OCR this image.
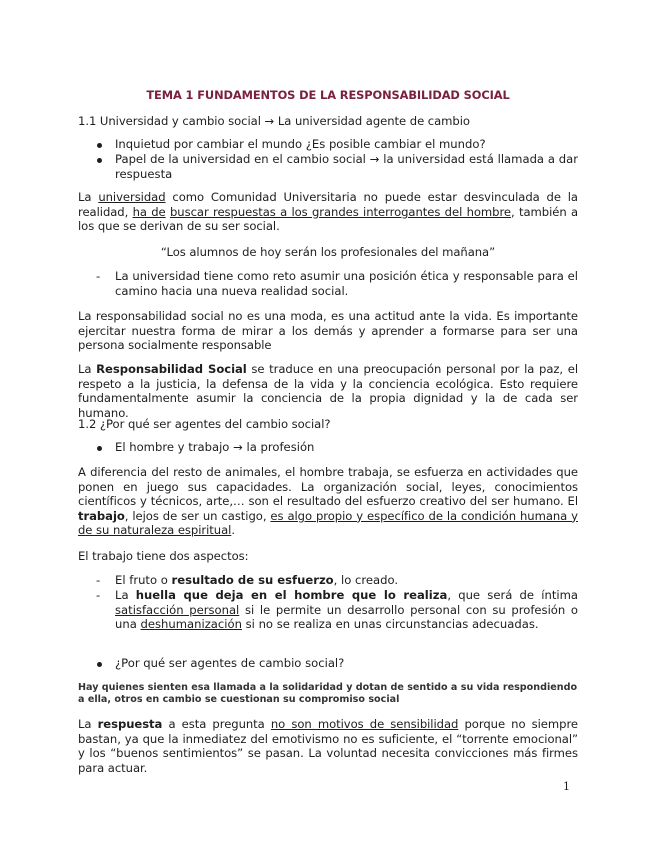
TEMA 1 FUNDAMENTOS DE LA RESPONSABILIDAD SOCIAL
1.1 Universidad y cambio social → La universidad agente de cambio
Inquietud por cambiar el mundo ¿Es posible cambiar el mundo?
Papel de la universidad en el cambio social → la universidad está llamada a dar respuesta
La universidad como Comunidad Universitaria no puede estar desvinculada de la realidad, ha de buscar respuestas a los grandes interrogantes del hombre, también a los que se derivan de su ser social.
“Los alumnos de hoy serán los profesionales del mañana”
- La universidad tiene como reto asumir una posición ética y responsable para el camino hacia una nueva realidad social.
La responsabilidad social no es una moda, es una actitud ante la vida. Es importante ejercitar nuestra forma de mirar a los demás y aprender a formarse para ser una persona socialmente responsable
La Responsabilidad Social se traduce en una preocupación personal por la paz, el respeto a la justicia, la defensa de la vida y la conciencia ecológica. Esto requiere fundamentalmente asumir la conciencia de la propia dignidad y la de cada ser humano.
1.2 ¿Por qué ser agentes del cambio social?
El hombre y trabajo → la profesión
A diferencia del resto de animales, el hombre trabaja, se esfuerza en actividades que ponen en juego sus capacidades. La organización social, leyes, conocimientos científicos y técnicos, arte,… son el resultado del esfuerzo creativo del ser humano. El trabajo, lejos de ser un castigo, es algo propio y específico de la condición humana y de su naturaleza espiritual.
El trabajo tiene dos aspectos:
- El fruto o resultado de su esfuerzo, lo creado.
- La huella que deja en el hombre que lo realiza, que será de íntima satisfacción personal si le permite un desarrollo personal con su profesión o una deshumanización si no se realiza en unas circunstancias adecuadas.
¿Por qué ser agentes de cambio social?
Hay quienes sienten esa llamada a la solidaridad y dotan de sentido a su vida respondiendo a ella, otros en cambio se cuestionan su compromiso social
La respuesta a esta pregunta no son motivos de sensibilidad porque no siempre bastan, ya que la inmediatez del emotivismo no es suficiente, el “torrente emocional” y los “buenos sentimientos” se pasan. La voluntad necesita convicciones más firmes para actuar.
1
